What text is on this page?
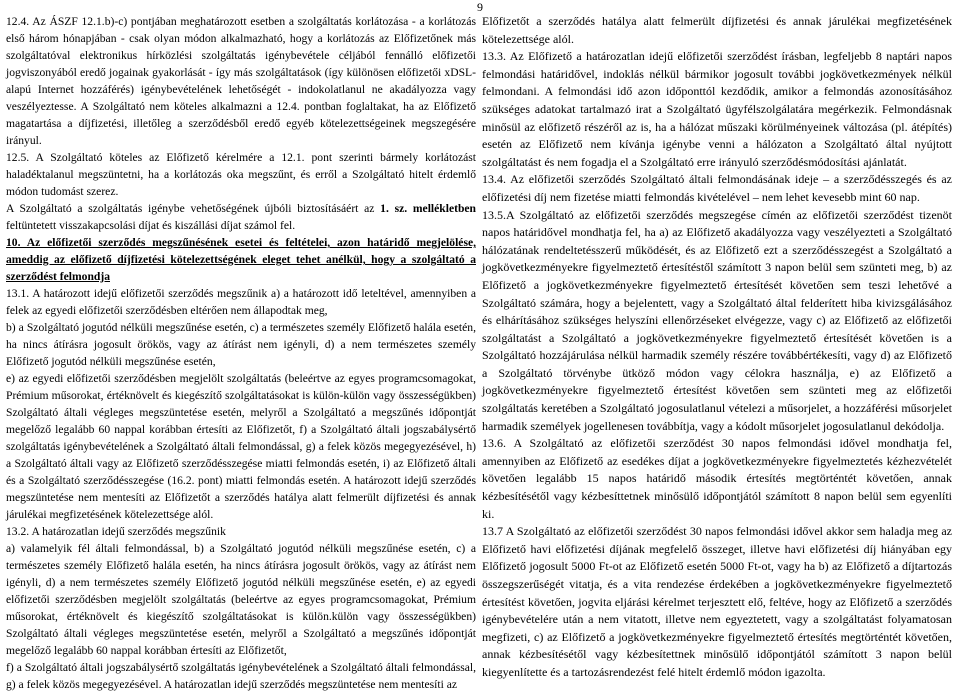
9

12.4. Az ÁSZF 12.1.b)-c) pontjában meghatározott esetben a szolgáltatás korlátozása - a korlátozás első három hónapjában - csak olyan módon alkalmazható, hogy a korlátozás az Előfizetőnek más szolgáltatóval elektronikus hírközlési szolgáltatás igénybevétele céljából fennálló előfizetői jogviszonyából eredő jogainak gyakorlását - így más szolgáltatások (így különösen előfizetői xDSL-alapú Internet hozzáférés) igénybevételének lehetőségét - indokolatlanul ne akadályozza vagy veszélyeztesse. A Szolgáltató nem köteles alkalmazni a 12.4. pontban foglaltakat, ha az Előfizető magatartása a díjfizetési, illetőleg a szerződésből eredő egyéb kötelezettségeinek megszegésére irányul.

12.5. A Szolgáltató köteles az Előfizető kérelmére a 12.1. pont szerinti bármely korlátozást haladéktalanul megszüntetni, ha a korlátozás oka megszűnt, és erről a Szolgáltató hitelt érdemlő módon tudomást szerez.

A Szolgáltató a szolgáltatás igénybe vehetőségének újbóli biztosításáért az 1. sz. mellékletben feltüntetett visszakapcsolási díjat és kiszállási díjat számol fel.

10. Az előfizetői szerződés megszűnésének esetei és feltételei, azon határidő megjelölése, ameddig az előfizető díjfizetési kötelezettségének eleget tehet anélkül, hogy a szolgáltató a szerződést felmondja

13.1. A határozott idejű előfizetői szerződés megszűnik a) a határozott idő leteltével, amennyiben a felek az egyedi előfizetői szerződésben eltérően nem állapodtak meg,

b) a Szolgáltató jogutód nélküli megszűnése esetén, c) a természetes személy Előfizető halála esetén, ha nincs átírásra jogosult örökös, vagy az átírást nem igényli, d) a nem természetes személy Előfizető jogutód nélküli megszűnése esetén,

e) az egyedi előfizetői szerződésben megjelölt szolgáltatás (beleértve az egyes programcsomagokat, Prémium műsorokat, értéknövelt és kiegészítő szolgáltatásokat is külön-külön vagy összességükben) Szolgáltató általi végleges megszüntetése esetén, melyről a Szolgáltató a megszűnés időpontját megelőző legalább 60 nappal korábban értesíti az Előfizetőt, f) a Szolgáltató általi jogszabálysértő szolgáltatás igénybevételének a Szolgáltató általi felmondással, g) a felek közös megegyezésével, h) a Szolgáltató általi vagy az Előfizető szerződésszegése miatti felmondás esetén, i) az Előfizető általi és a Szolgáltató szerződésszegése (16.2. pont) miatti felmondás esetén. A határozott idejű szerződés megszüntetése nem mentesíti az Előfizetőt a szerződés hatálya alatt felmerült díjfizetési és annak járulékai megfizetésének kötelezettsége alól.

13.2. A határozatlan idejű szerződés megszűnik

a) valamelyik fél általi felmondással, b) a Szolgáltató jogutód nélküli megszűnése esetén, c) a természetes személy Előfizető halála esetén, ha nincs átírásra jogosult örökös, vagy az átírást nem igényli, d) a nem természetes személy Előfizető jogutód nélküli megszűnése esetén, e) az egyedi előfizetői szerződésben megjelölt szolgáltatás (beleértve az egyes programcsomagokat, Prémium műsorokat, értéknövelt és kiegészítő szolgáltatásokat is külön.külön vagy összességükben) Szolgáltató általi végleges megszüntetése esetén, melyről a Szolgáltató a megszűnés időpontját megelőző legalább 60 nappal korábban értesíti az Előfizetőt,

f) a Szolgáltató általi jogszabálysértő szolgáltatás igénybevételének a Szolgáltató általi felmondással, g) a felek közös megegyezésével. A határozatlan idejű szerződés megszüntetése nem mentesíti az

Előfizetőt a szerződés hatálya alatt felmerült díjfizetési és annak járulékai megfizetésének kötelezettsége alól.

13.3. Az Előfizető a határozatlan idejű előfizetői szerződést írásban, legfeljebb 8 naptári napos felmondási határidővel, indoklás nélkül bármikor jogosult további jogkövetkezmények nélkül felmondani. A felmondási idő azon időponttól kezdődik, amikor a felmondás azonosításához szükséges adatokat tartalmazó irat a Szolgáltató ügyfélszolgálatára megérkezik. Felmondásnak minősül az előfizető részéről az is, ha a hálózat műszaki körülményeinek változása (pl. átépítés) esetén az Előfizető nem kívánja igénybe venni a hálózaton a Szolgáltató által nyújtott szolgáltatást és nem fogadja el a Szolgáltató erre irányuló szerződésmódosítási ajánlatát.

13.4. Az előfizetői szerződés Szolgáltató általi felmondásának ideje – a szerződésszegés és az előfizetési díj nem fizetése miatti felmondás kivételével – nem lehet kevesebb mint 60 nap.

13.5.A Szolgáltató az előfizetői szerződés megszegése címén az előfizetői szerződést tizenöt napos határidővel mondhatja fel, ha a) az Előfizető akadályozza vagy veszélyezteti a Szolgáltató hálózatának rendeltetésszerű működését, és az Előfizető ezt a szerződésszegést a Szolgáltató a jogkövetkezményekre figyelmeztető értesítéstől számított 3 napon belül sem szünteti meg, b) az Előfizető a jogkövetkezményekre figyelmeztető értesítését követően sem teszi lehetővé a Szolgáltató számára, hogy a bejelentett, vagy a Szolgáltató által felderített hiba kivizsgálásához és elhárításához szükséges helyszíni ellenőrzéseket elvégezze, vagy c) az Előfizető az előfizetői szolgáltatást a Szolgáltató a jogkövetkezményekre figyelmeztető értesítését követően is a Szolgáltató hozzájárulása nélkül harmadik személy részére továbbértékesíti, vagy d) az Előfizető a Szolgáltató törvénybe ütköző módon vagy célokra használja, e) az Előfizető a jogkövetkezményekre figyelmeztető értesítést követően sem szünteti meg az előfizetői szolgáltatás keretében a Szolgáltató jogosulatlanul vételezi a műsorjelet, a hozzáférési műsorjelet harmadik személyek jogellenesen továbbítja, vagy a kódolt műsorjelet jogosulatlanul dekódolja.

13.6. A Szolgáltató az előfizetői szerződést 30 napos felmondási idővel mondhatja fel, amennyiben az Előfizető az esedékes díjat a jogkövetkezményekre figyelmeztetés kézhezvételét követően legalább 15 napos határidő második értesítés megtörténtét követően, annak kézbesítésétől vagy kézbesíttetnek minősülő időpontjától számított 8 napon belül sem egyenlíti ki.

13.7 A Szolgáltató az előfizetői szerződést 30 napos felmondási idővel akkor sem haladja meg az Előfizető havi előfizetési díjának megfelelő összeget, illetve havi előfizetési díj hiányában egy Előfizető jogosult 5000 Ft-ot az Előfizető esetén 5000 Ft-ot, vagy ha b) az Előfizető a díjtartozás összegszerűségét vitatja, és a vita rendezése érdekében a jogkövetkezményekre figyelmeztető értesítést követően, jogvita eljárási kérelmet terjesztett elő, feltéve, hogy az Előfizető a szerződés igénybevételére után a nem vitatott, illetve nem egyeztetett, vagy a szolgáltatást folyamatosan megfizeti, c) az Előfizető a jogkövetkezményekre figyelmeztető értesítés megtörténtét követően, annak kézbesítésétől vagy kézbesítettnek minősülő időpontjától számított 3 napon belül kiegyenlítette és a tartozásrendezést felé hitelt érdemlő módon igazolta.
